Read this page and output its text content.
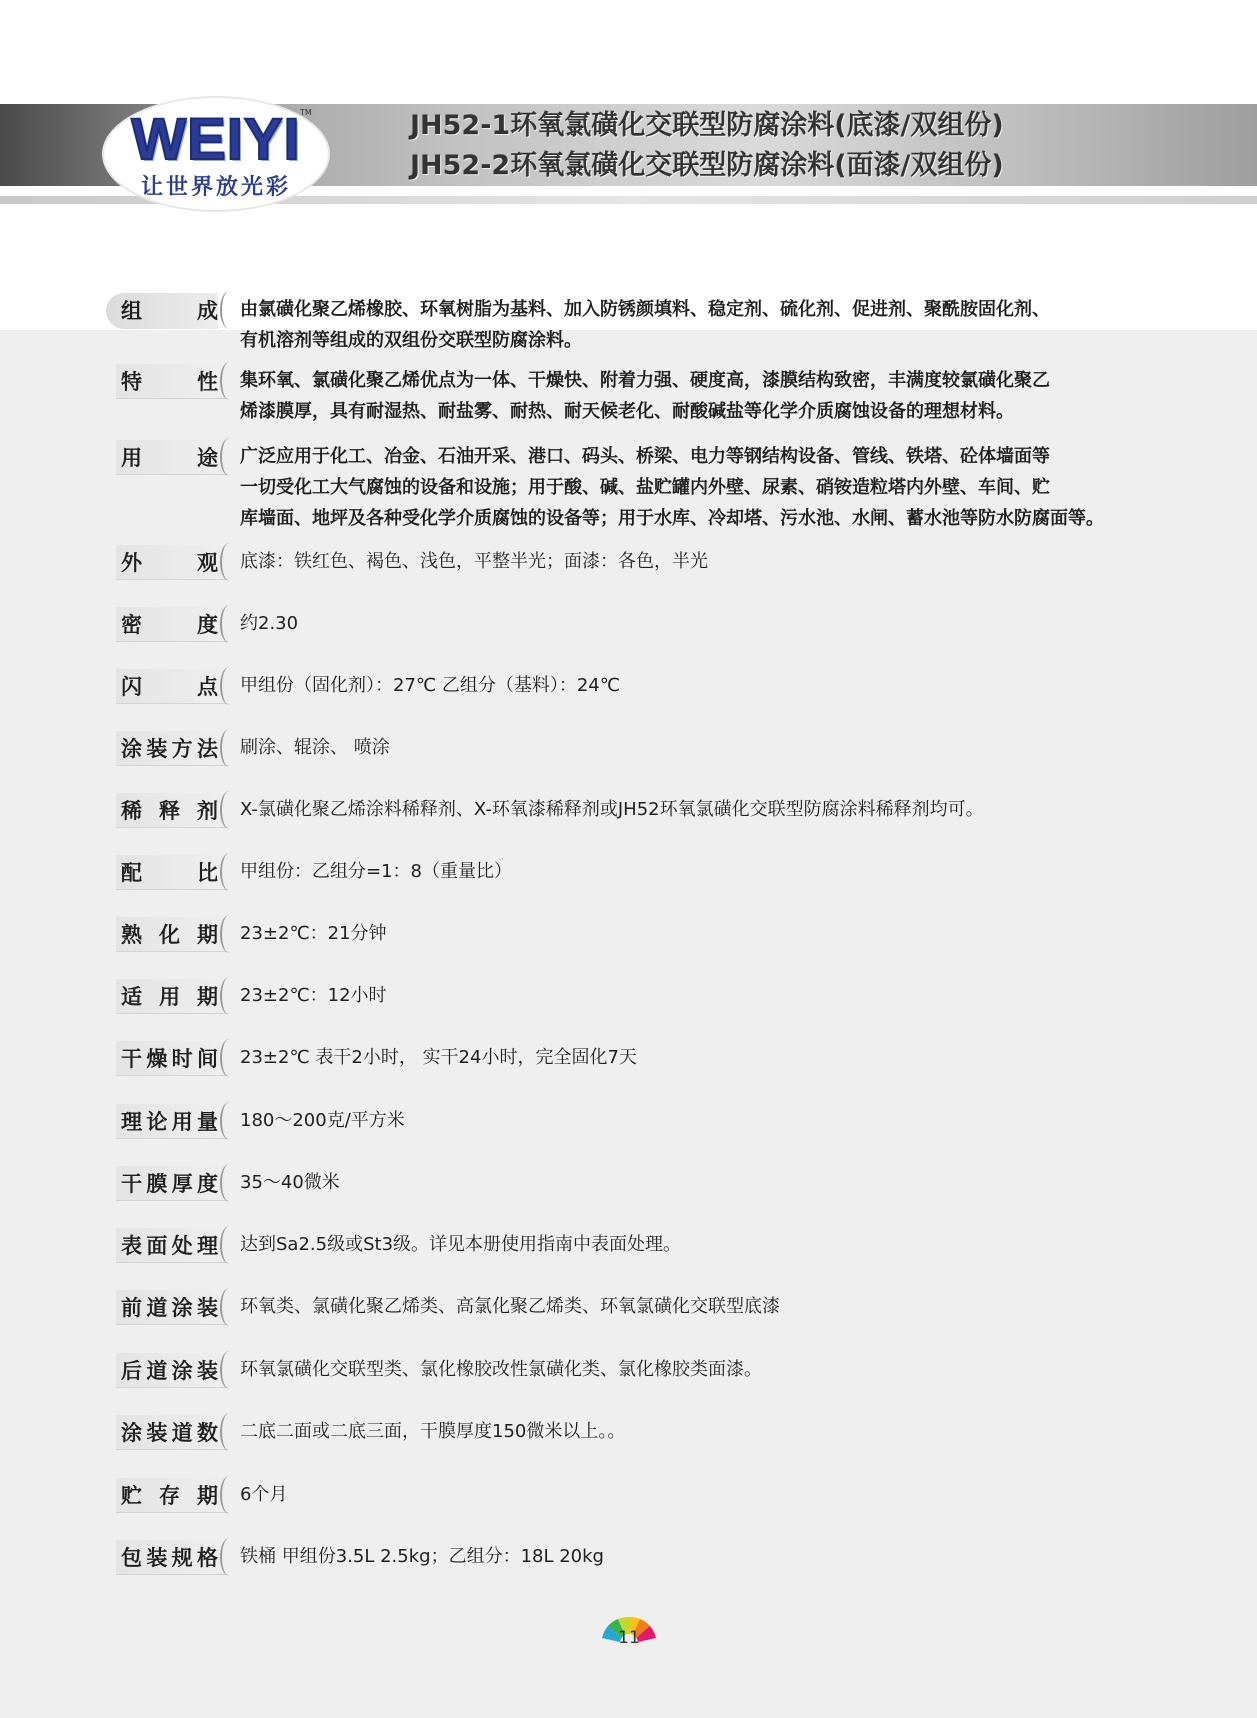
WEIYI TM
让世界放光彩
JH52-1环氧氯磺化交联型防腐涂料(底漆/双组份)
JH52-2环氧氯磺化交联型防腐涂料(面漆/双组份)
组	成 由氯磺化聚乙烯橡胶、环氧树脂为基料、加入防锈颜填料、稳定剂、硫化剂、促进剂、聚酰胺固化剂、
有机溶剂等组成的双组份交联型防腐涂料。
特	性 集环氧、氯磺化聚乙烯优点为一体、干燥快、附着力强、硬度高，漆膜结构致密，丰满度较氯磺化聚乙
烯漆膜厚，具有耐湿热、耐盐雾、耐热、耐天候老化、耐酸碱盐等化学介质腐蚀设备的理想材料。
用	途 广泛应用于化工、冶金、石油开采、港口、码头、桥梁、电力等钢结构设备、管线、铁塔、砼体墙面等
一切受化工大气腐蚀的设备和设施；用于酸、碱、盐贮罐内外壁、尿素、硝铵造粒塔内外壁、车间、贮
库墙面、地坪及各种受化学介质腐蚀的设备等；用于水库、冷却塔、污水池、水闸、蓄水池等防水防腐面等。
外	观 底漆：铁红色、褐色、浅色，平整半光；面漆：各色，半光
密	度 约2.30
闪	点 甲组份（固化剂）：27℃ 乙组分（基料）：24℃
涂 装 方 法 刷涂、辊涂、 喷涂
稀 释 剂 X-氯磺化聚乙烯涂料稀释剂、X-环氧漆稀释剂或JH52环氧氯磺化交联型防腐涂料稀释剂均可。
配	比 甲组份：乙组分=1：8（重量比）
熟 化 期 23±2℃：21分钟
适 用 期 23±2℃：12小时
干 燥 时 间 23±2℃ 表干2小时， 实干24小时，完全固化7天
理 论 用 量 180～200克/平方米
干 膜 厚 度 35～40微米
表 面 处 理 达到Sa2.5级或St3级。详见本册使用指南中表面处理。
前 道 涂 装 环氧类、氯磺化聚乙烯类、高氯化聚乙烯类、环氧氯磺化交联型底漆
后 道 涂 装 环氧氯磺化交联型类、氯化橡胶改性氯磺化类、氯化橡胶类面漆。
涂 装 道 数 二底二面或二底三面，干膜厚度150微米以上。。
贮 存 期 6个月
包 装 规 格 铁桶 甲组份3.5L 2.5kg；乙组分：18L 20kg
11
